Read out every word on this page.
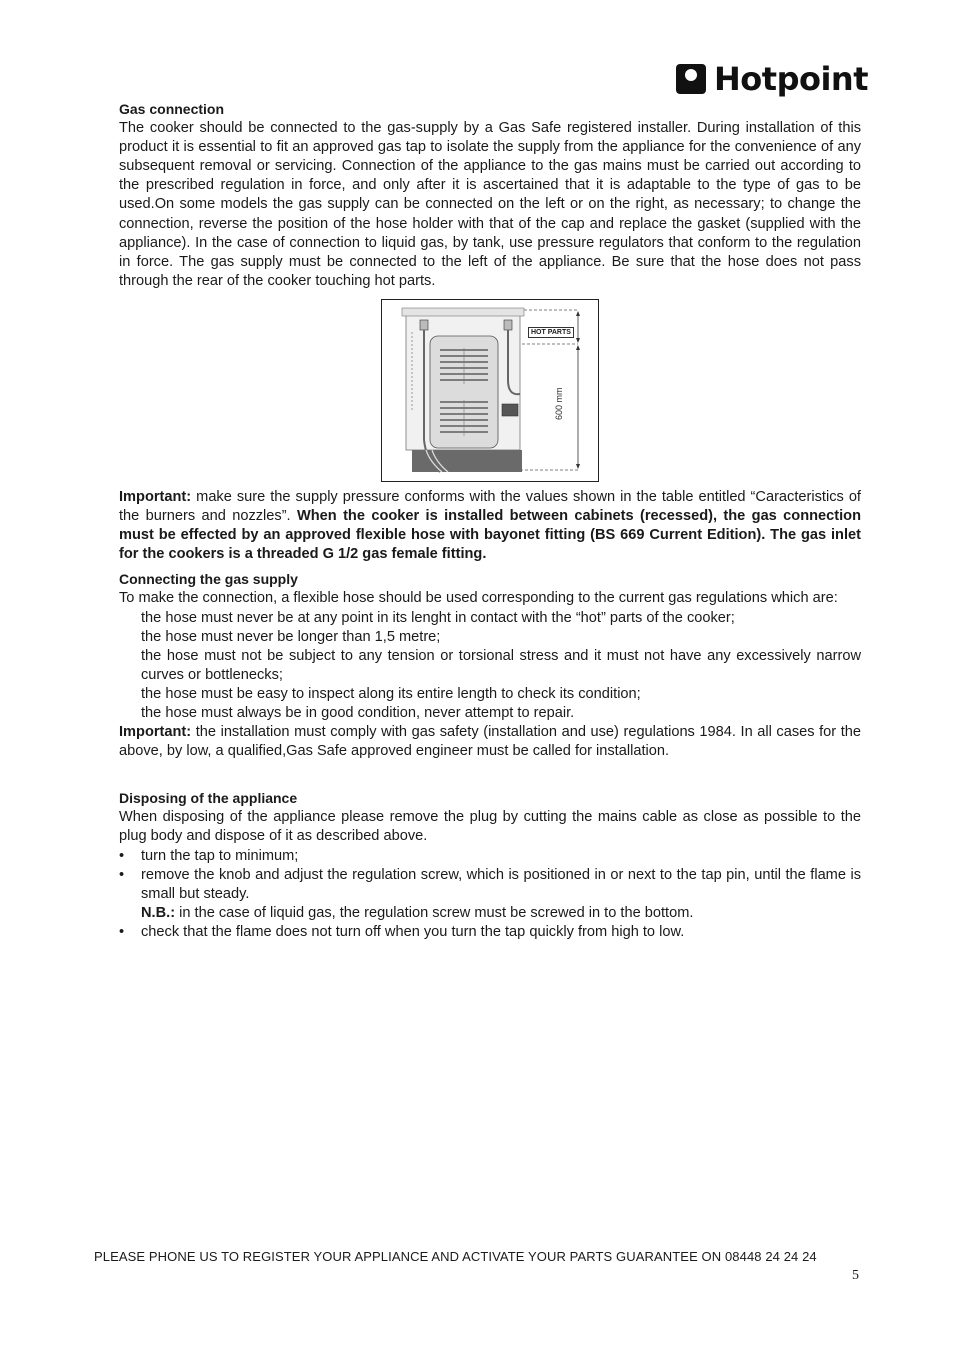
Hotpoint
Gas connection

The cooker should be connected to the gas-supply by a Gas Safe registered installer. During installation of this product it is essential to fit an approved gas tap to isolate the supply from the appliance for the convenience of any subsequent removal or servicing. Connection of the appliance to the gas mains must be carried out according to the prescribed regulation in force, and only after it is ascertained that it is adaptable to the type of gas to be used.On some models the gas supply can be connected on the left or on the right, as necessary; to change the connection, reverse the position of the hose holder with that of the cap and replace the gasket (supplied with the appliance). In the case of connection to liquid gas, by tank, use pressure regulators that conform to the regulation in force. The gas supply must be connected to the left of the appliance. Be sure that the hose does not pass through the rear of the cooker touching hot parts.

HOT PARTS
600 mm

Important: make sure the supply pressure conforms with the values shown in the table entitled “Caracteristics of the burners and nozzles”. When the cooker is installed between cabinets (recessed), the gas connection must be effected by an approved flexible hose with bayonet fitting (BS 669 Current Edition). The gas inlet for the cookers is a threaded G 1/2 gas female fitting.

Connecting the gas supply

To make the connection, a flexible hose should be used corresponding to the current gas regulations which are:

the hose must never be at any point in its lenght in contact with the “hot” parts of the cooker;

the hose must never be longer than 1,5 metre;

the hose must not be subject to any tension or torsional stress and it must not have any excessively narrow curves or bottlenecks;

the hose must be easy to inspect along its entire length to check its condition;

the hose must always be in good condition, never attempt to repair.

Important: the installation must comply with gas safety (installation and use) regulations 1984. In all cases for the above, by low, a qualified,Gas Safe approved engineer must be called for installation.

Disposing of the appliance

When disposing of the appliance please remove the plug by cutting the mains cable as close as possible to the plug body and dispose of it as described above.

• turn the tap to minimum;
• remove the knob and adjust the regulation screw, which is positioned in or next to the tap pin, until the flame is small but steady.

N.B.: in the case of liquid gas, the regulation screw must be screwed in to the bottom.

• check that the flame does not turn off when you turn the tap quickly from high to low.
PLEASE PHONE US TO REGISTER YOUR APPLIANCE AND ACTIVATE YOUR PARTS GUARANTEE ON 08448 24 24 24
5
